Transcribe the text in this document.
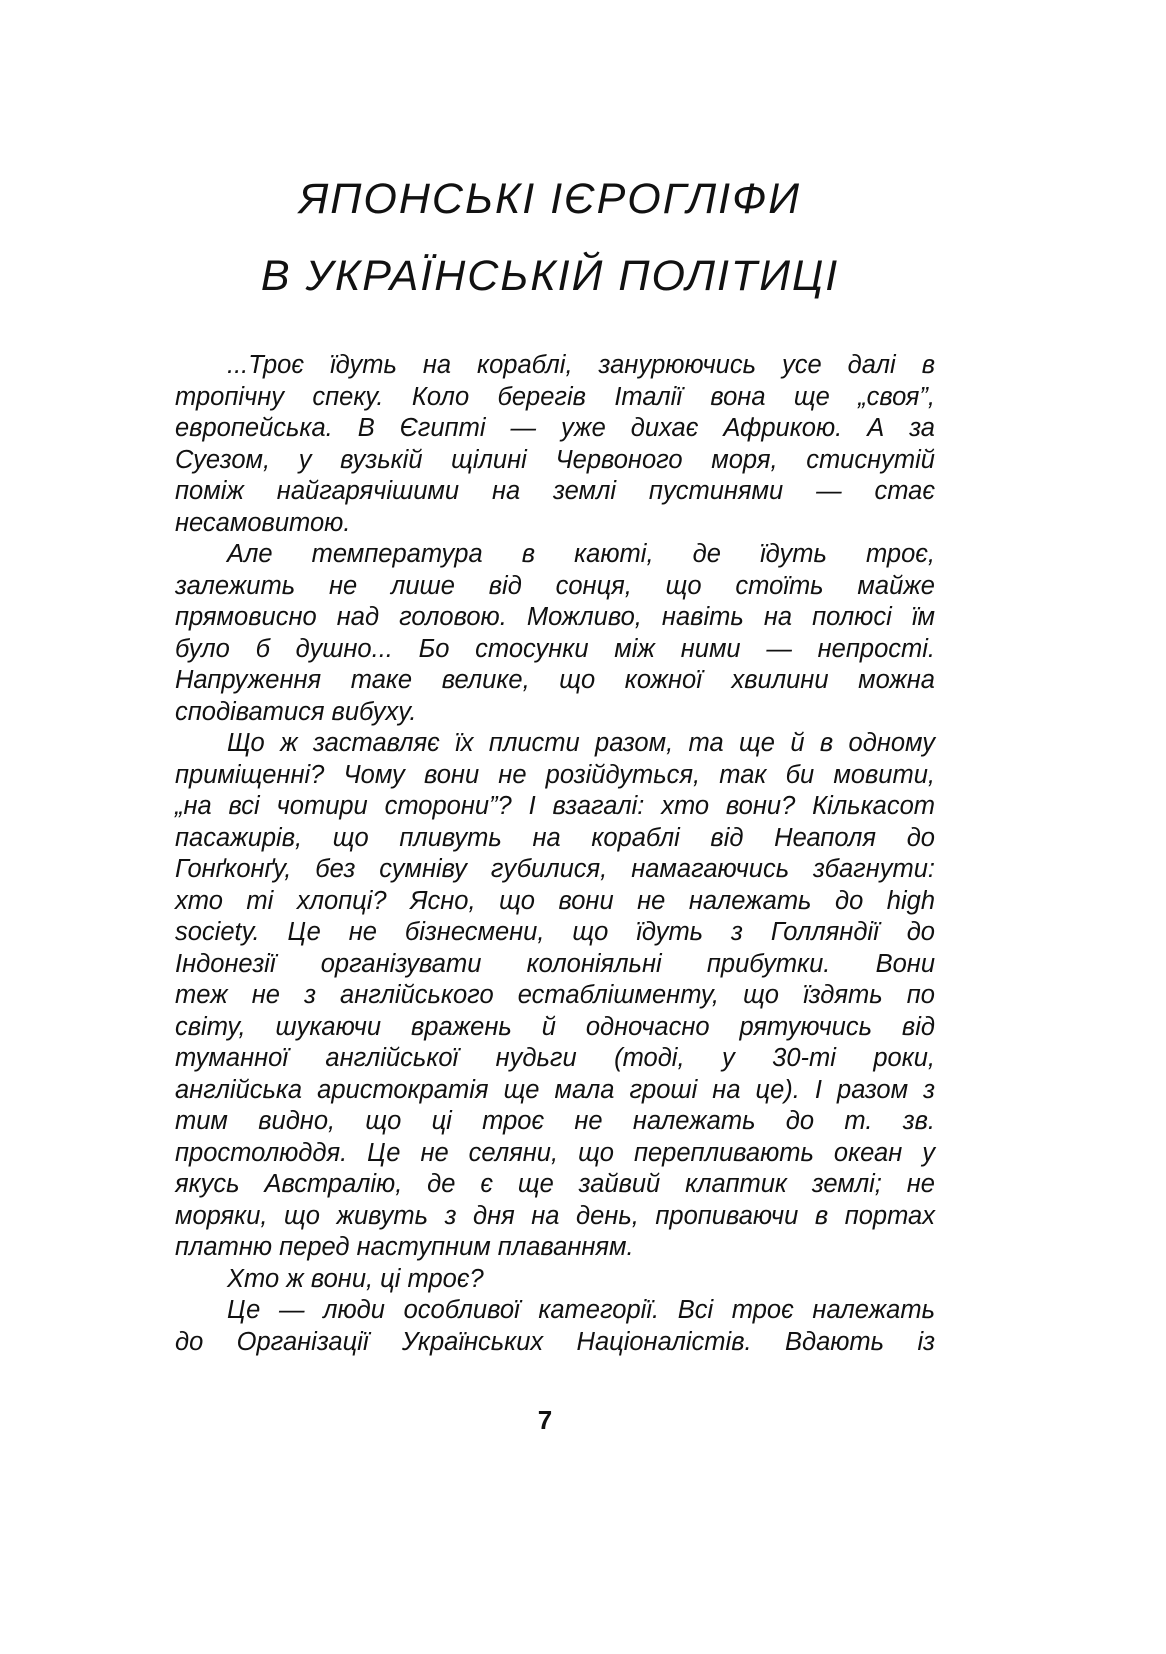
ЯПОНСЬКІ ІЄРОГЛІФИ
В УКРАЇНСЬКІЙ ПОЛІТИЦІ
...Троє їдуть на кораблі, занурюючись усе далі в
тропічну спеку. Коло берегів Італії вона ще „своя”,
европейська. В Єгипті — уже дихає Африкою. А за
Суезом, у вузькій щілині Червоного моря, стиснутій
поміж найгарячішими на землі пустинями — стає
несамовитою.
Але температура в каюті, де їдуть троє,
залежить не лише від сонця, що стоїть майже
прямовисно над головою. Можливо, навіть на полюсі їм
було б душно... Бо стосунки між ними — непрості.
Напруження таке велике, що кожної хвилини можна
сподіватися вибуху.
Що ж заставляє їх плисти разом, та ще й в одному
приміщенні? Чому вони не розійдуться, так би мовити,
„на всі чотири сторони”? І взагалі: хто вони? Кількасот
пасажирів, що пливуть на кораблі від Неаполя до
Гонґконґу, без сумніву губилися, намагаючись збагнути:
хто ті хлопці? Ясно, що вони не належать до high
society. Це не бізнесмени, що їдуть з Голляндії до
Індонезії організувати колоніяльні прибутки. Вони
теж не з англійського естаблішменту, що їздять по
світу, шукаючи вражень й одночасно рятуючись від
туманної англійської нудьги (тоді, у 30-ті роки,
англійська аристократія ще мала гроші на це). І разом з
тим видно, що ці троє не належать до т. зв.
простолюддя. Це не селяни, що перепливають океан у
якусь Австралію, де є ще зайвий клаптик землі; не
моряки, що живуть з дня на день, пропиваючи в портах
платню перед наступним плаванням.
Хто ж вони, ці троє?
Це — люди особливої категорії. Всі троє належать
до Організації Українських Націоналістів. Вдають із
7
